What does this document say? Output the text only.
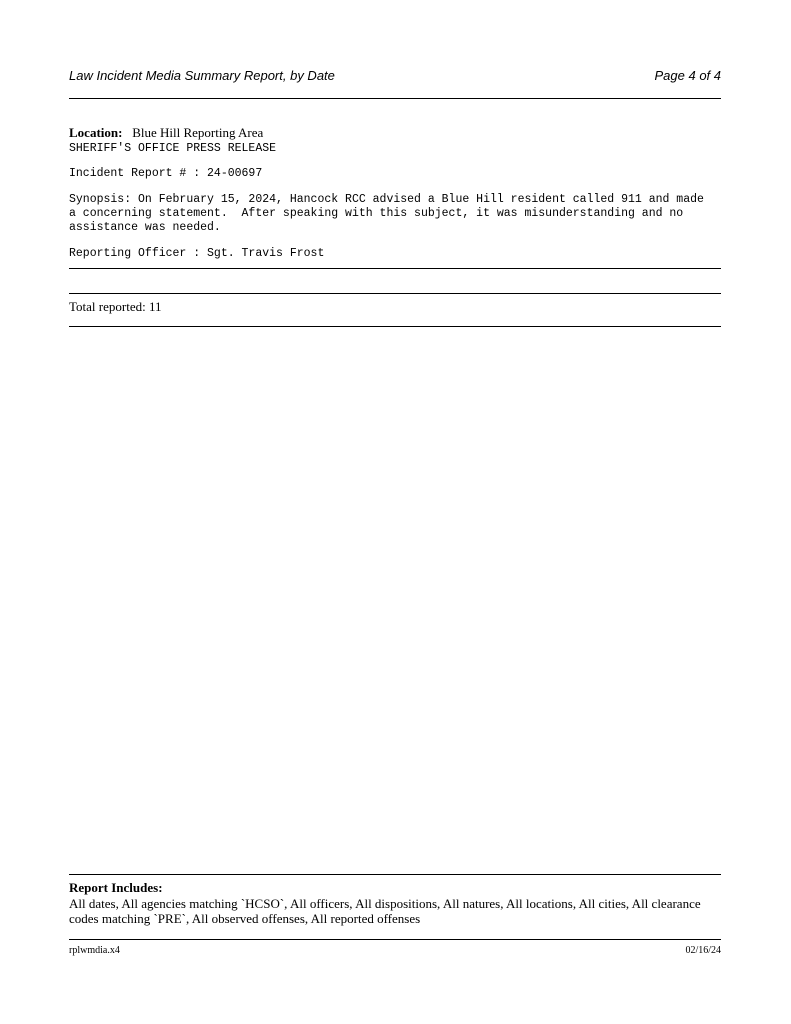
Law Incident Media Summary Report, by Date	Page 4 of 4
Location: Blue Hill Reporting Area
SHERIFF'S OFFICE PRESS RELEASE
Incident Report # : 24-00697
Synopsis: On February 15, 2024, Hancock RCC advised a Blue Hill resident called 911 and made
a concerning statement.  After speaking with this subject, it was misunderstanding and no
assistance was needed.
Reporting Officer : Sgt. Travis Frost
Total reported: 11
Report Includes:
All dates, All agencies matching `HCSO`, All officers, All dispositions, All natures, All locations, All cities, All clearance
codes matching `PRE`, All observed offenses, All reported offenses
rplwmdia.x4	02/16/24
